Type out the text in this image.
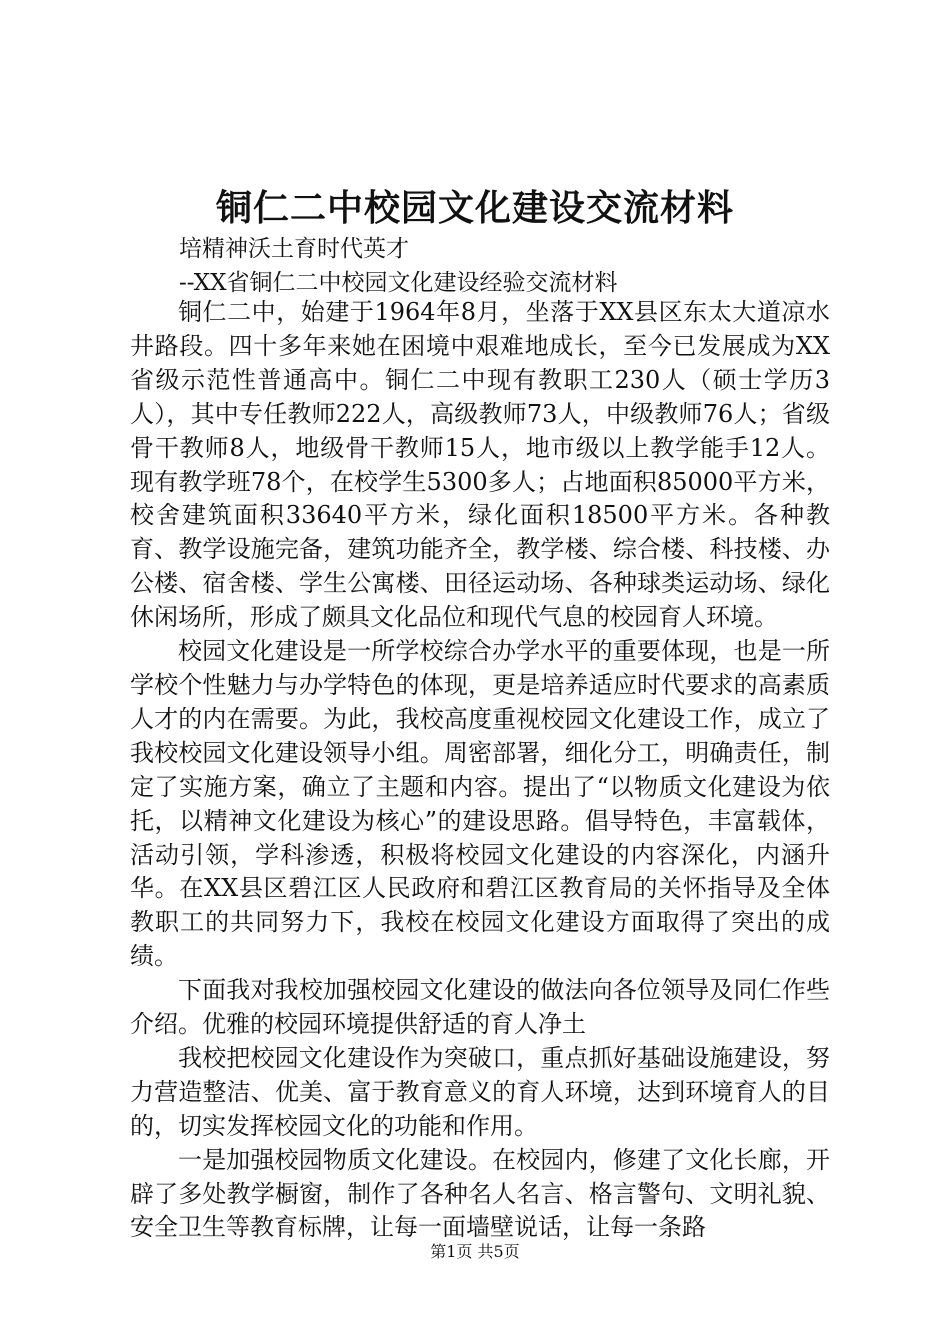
铜仁二中校园文化建设交流材料

培精神沃土育时代英才

--XX省铜仁二中校园文化建设经验交流材料

铜仁二中，始建于1964年8月，坐落于XX县区东太大道凉水井路段。四十多年来她在困境中艰难地成长，至今已发展成为XX省级示范性普通高中。铜仁二中现有教职工230人（硕士学历3人），其中专任教师222人，高级教师73人，中级教师76人；省级骨干教师8人，地级骨干教师15人，地市级以上教学能手12人。现有教学班78个，在校学生5300多人；占地面积85000平方米，校舍建筑面积33640平方米，绿化面积18500平方米。各种教育、教学设施完备，建筑功能齐全，教学楼、综合楼、科技楼、办公楼、宿舍楼、学生公寓楼、田径运动场、各种球类运动场、绿化休闲场所，形成了颇具文化品位和现代气息的校园育人环境。

校园文化建设是一所学校综合办学水平的重要体现，也是一所学校个性魅力与办学特色的体现，更是培养适应时代要求的高素质人才的内在需要。为此，我校高度重视校园文化建设工作，成立了我校校园文化建设领导小组。周密部署，细化分工，明确责任，制定了实施方案，确立了主题和内容。提出了“以物质文化建设为依托，以精神文化建设为核心”的建设思路。倡导特色，丰富载体，活动引领，学科渗透，积极将校园文化建设的内容深化，内涵升华。在XX县区碧江区人民政府和碧江区教育局的关怀指导及全体教职工的共同努力下，我校在校园文化建设方面取得了突出的成绩。

下面我对我校加强校园文化建设的做法向各位领导及同仁作些介绍。优雅的校园环境提供舒适的育人净土

我校把校园文化建设作为突破口，重点抓好基础设施建设，努力营造整洁、优美、富于教育意义的育人环境，达到环境育人的目的，切实发挥校园文化的功能和作用。

一是加强校园物质文化建设。在校园内，修建了文化长廊，开辟了多处教学橱窗，制作了各种名人名言、格言警句、文明礼貌、安全卫生等教育标牌，让每一面墙壁说话，让每一条路

第1页 共5页
